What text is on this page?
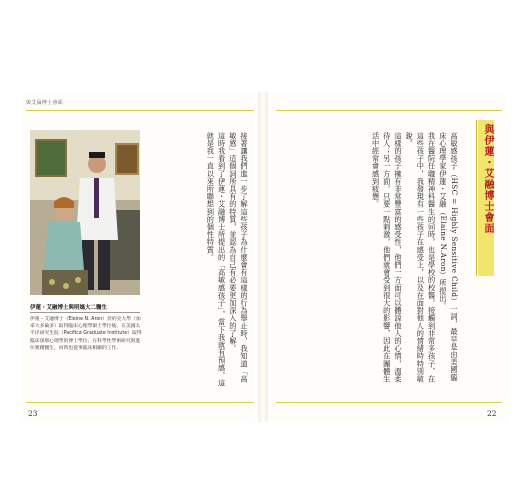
與艾倫博士會面
伊蓮・艾融博士與明媽大二醫生
伊蓮・艾融博士（Eleine N. Aron）於約克大學（加拿大多倫多）取得臨床心理學碩士學位後，在美國太平洋研究生院（Pacifica Graduate Institute）取得臨床深層心理學的博士學位，在科學性學術研究與進住實踐醫生，同時也從事臨床相關的工作。	接著讓我們進一步了解這些孩子為什麼會有這樣的行為舉止時，我知道「高敏感」這個詞所具有的特質，並認為自己有必要更加深入的了解。
這時我看到了伊蓮・艾融博士所提出的「高敏感孩子」，當下我就有預感，這就是我一直以來所聯想到的個性特質。	高敏感孩子（HSC = Highly Sensitive Child）一詞，最早是由美國臨床心理學家伊蓮・艾融（Elaine N.Aron）所提出。
我在醫院任職精神科醫生的同時，也是學校的校醫，接觸到非常多孩子，在這些孩子中，我發現有一些孩子在感受上，以及在面對他人的情緒時特別敏銳。
這樣的孩子擁有非常豐富的感受性，他們一方面可以體諒他人的心情，溫柔待人；另一方面，只要一點刺激，他們就會受到很大的影響，因此在團體生活中經常會感到疲憊。	與伊蓮・艾融博士會面
23	22
